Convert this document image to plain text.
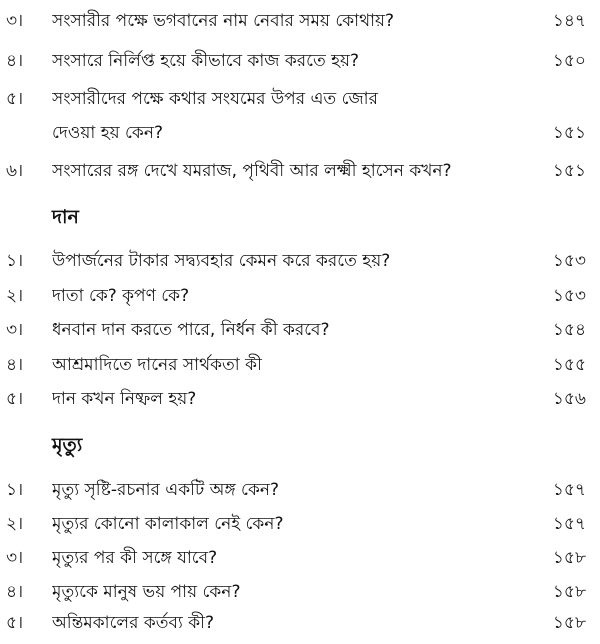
৩।	সংসারীর পক্ষে ভগবানের নাম নেবার সময় কোথায়?	১৪৭
৪।	সংসারে নির্লিপ্ত হয়ে কীভাবে কাজ করতে হয়?	১৫০
৫।	সংসারীদের পক্ষে কথার সংযমের উপর এত জোর
দেওয়া হয় কেন?	১৫১
৬।	সংসারের রঙ্গ দেখে যমরাজ, পৃথিবী আর লক্ষ্মী হাসেন কখন?	১৫১
দান
১।	উপার্জনের টাকার সদ্ব্যবহার কেমন করে করতে হয়?	১৫৩
২।	দাতা কে? কৃপণ কে?	১৫৩
৩।	ধনবান দান করতে পারে, নির্ধন কী করবে?	১৫৪
৪।	আশ্রমাদিতে দানের সার্থকতা কী	১৫৫
৫।	দান কখন নিষ্ফল হয়?	১৫৬
মৃত্যু
১।	মৃত্যু সৃষ্টি-রচনার একটি অঙ্গ কেন?	১৫৭
২।	মৃত্যুর কোনো কালাকাল নেই কেন?	১৫৭
৩।	মৃত্যুর পর কী সঙ্গে যাবে?	১৫৮
৪।	মৃত্যুকে মানুষ ভয় পায় কেন?	১৫৮
৫।	অন্তিমকালের কর্তব্য কী?	১৫৮
